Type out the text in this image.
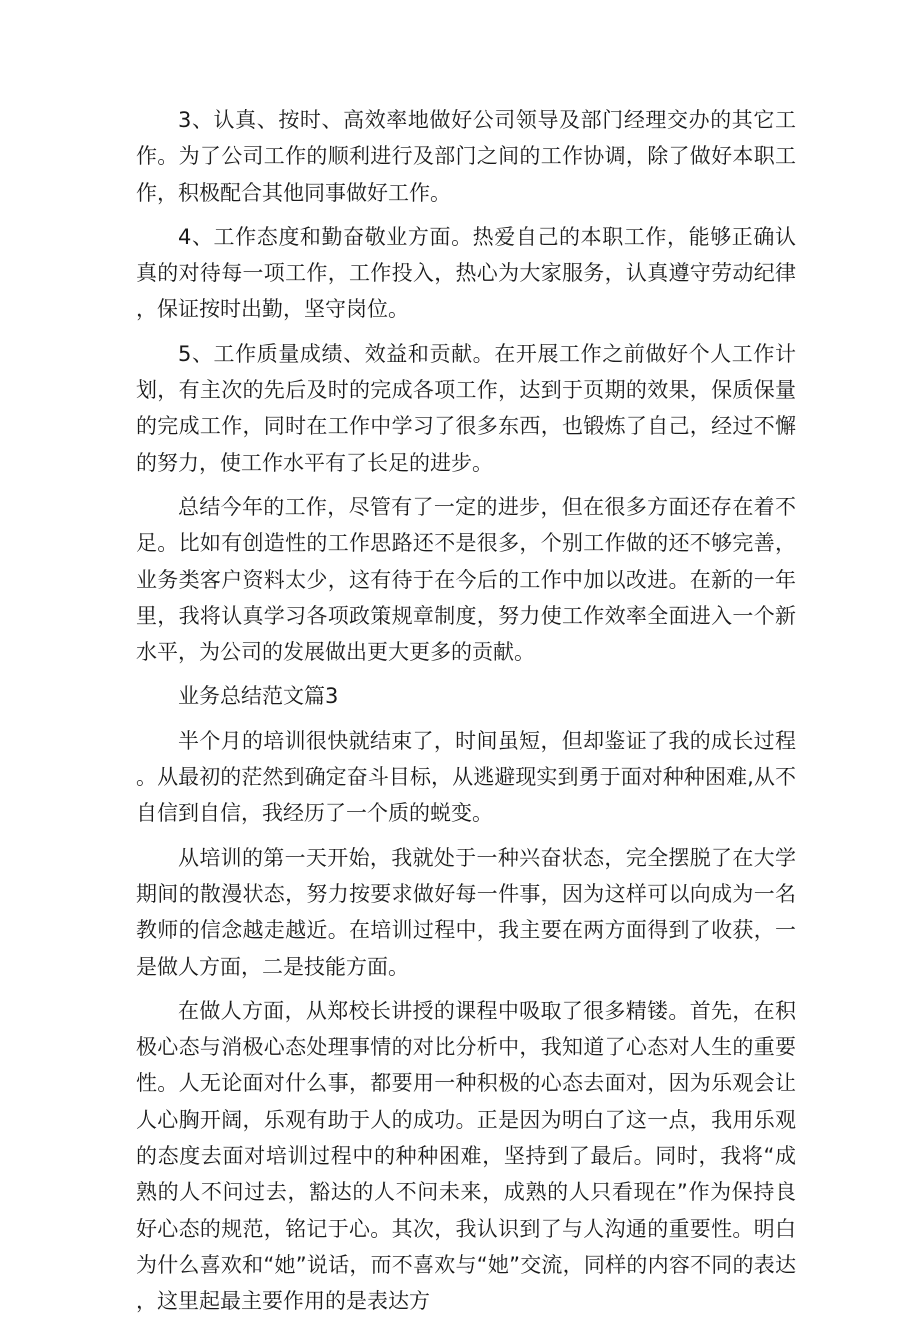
3、认真、按时、高效率地做好公司领导及部门经理交办的其它工作。为了公司工作的顺利进行及部门之间的工作协调，除了做好本职工作，积极配合其他同事做好工作。

4、工作态度和勤奋敬业方面。热爱自己的本职工作，能够正确认真的对待每一项工作，工作投入，热心为大家服务，认真遵守劳动纪律，保证按时出勤，坚守岗位。

5、工作质量成绩、效益和贡献。在开展工作之前做好个人工作计划，有主次的先后及时的完成各项工作，达到于页期的效果，保质保量的完成工作，同时在工作中学习了很多东西，也锻炼了自己，经过不懈的努力，使工作水平有了长足的进步。

总结今年的工作，尽管有了一定的进步，但在很多方面还存在着不足。比如有创造性的工作思路还不是很多，个别工作做的还不够完善，业务类客户资料太少，这有待于在今后的工作中加以改进。在新的一年里，我将认真学习各项政策规章制度，努力使工作效率全面进入一个新水平，为公司的发展做出更大更多的贡献。

业务总结范文篇3

半个月的培训很快就结束了，时间虽短，但却鉴证了我的成长过程。从最初的茫然到确定奋斗目标，从逃避现实到勇于面对种种困难,从不自信到自信，我经历了一个质的蜕变。

从培训的第一天开始，我就处于一种兴奋状态，完全摆脱了在大学期间的散漫状态，努力按要求做好每一件事，因为这样可以向成为一名教师的信念越走越近。在培训过程中，我主要在两方面得到了收获，一是做人方面，二是技能方面。

在做人方面，从郑校长讲授的课程中吸取了很多精镂。首先，在积极心态与消极心态处理事情的对比分析中，我知道了心态对人生的重要性。人无论面对什么事，都要用一种积极的心态去面对，因为乐观会让人心胸开阔，乐观有助于人的成功。正是因为明白了这一点，我用乐观的态度去面对培训过程中的种种困难，坚持到了最后。同时，我将“成熟的人不问过去，豁达的人不问未来，成熟的人只看现在”作为保持良好心态的规范，铭记于心。其次，我认识到了与人沟通的重要性。明白为什么喜欢和“她”说话，而不喜欢与“她”交流，同样的内容不同的表达，这里起最主要作用的是表达方
